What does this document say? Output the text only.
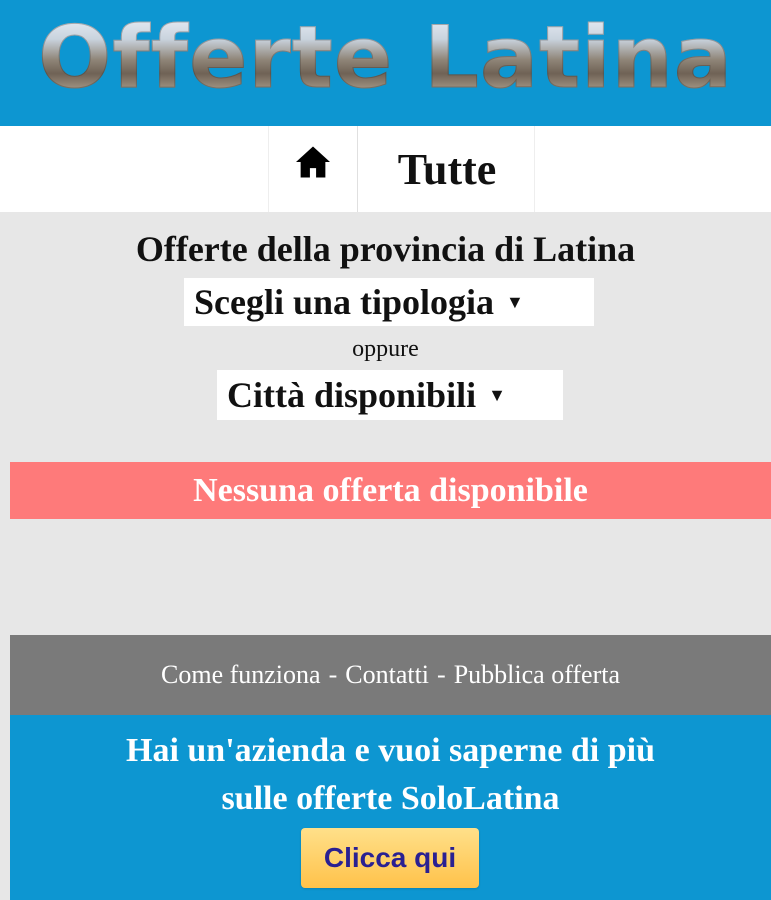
Offerte Latina
Tutte
Offerte della provincia di Latina
Scegli una tipologia ▼
oppure
Città disponibili ▼
Nessuna offerta disponibile
Come funziona - Contatti - Pubblica offerta
Hai un'azienda e vuoi saperne di più
sulle offerte SoloLatina
Clicca qui
